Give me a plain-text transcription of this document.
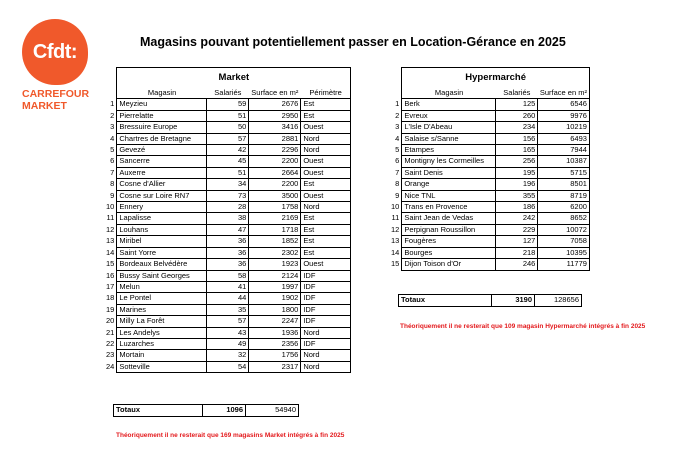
Cfdt:
CARREFOUR
MARKET
Magasins pouvant potentiellement passer en Location-Gérance en 2025
	Market			
	Magasin	Salariés	Surface en m²	Périmètre
1	Meyzieu	59	2676	Est
2	Pierrelatte	51	2950	Est
3	Bressuire Europe	50	3416	Ouest
4	Chartres de Bretagne	57	2881	Nord
5	Gevezé	42	2296	Nord
6	Sancerre	45	2200	Ouest
7	Auxerre	51	2664	Ouest
8	Cosne d'Allier	34	2200	Est
9	Cosne sur Loire RN7	73	3500	Ouest
10	Ennery	28	1758	Nord
11	Lapalisse	38	2169	Est
12	Louhans	47	1718	Est
13	Miribel	36	1852	Est
14	Saint Yorre	36	2302	Est
15	Bordeaux Belvédère	36	1923	Ouest
16	Bussy Saint Georges	58	2124	IDF
17	Melun	41	1997	IDF
18	Le Pontel	44	1902	IDF
19	Marines	35	1800	IDF
20	Milly La Forêt	57	2247	IDF
21	Les Andelys	43	1936	Nord
22	Luzarches	49	2356	IDF
23	Mortain	32	1756	Nord
24	Sotteville	54	2317	Nord
Totaux	1096	54940
Théoriquement il ne resterait que 169 magasins Market intégrés à fin 2025
	Hypermarché		
	Magasin	Salariés	Surface en m²
1	Berk	125	6546
2	Evreux	260	9976
3	L'Isle D'Abeau	234	10219
4	Salaise s/Sanne	156	6493
5	Etampes	165	7944
6	Montigny les Cormeilles	256	10387
7	Saint Denis	195	5715
8	Orange	196	8501
9	Nice TNL	355	8719
10	Trans en Provence	186	6200
11	Saint Jean de Vedas	242	8652
12	Perpignan Roussillon	229	10072
13	Fougères	127	7058
14	Bourges	218	10395
15	Dijon Toison d'Or	246	11779
Totaux	3190	128656
Théoriquement il ne resterait que 109 magasin Hypermarché intégrés à fin 2025
